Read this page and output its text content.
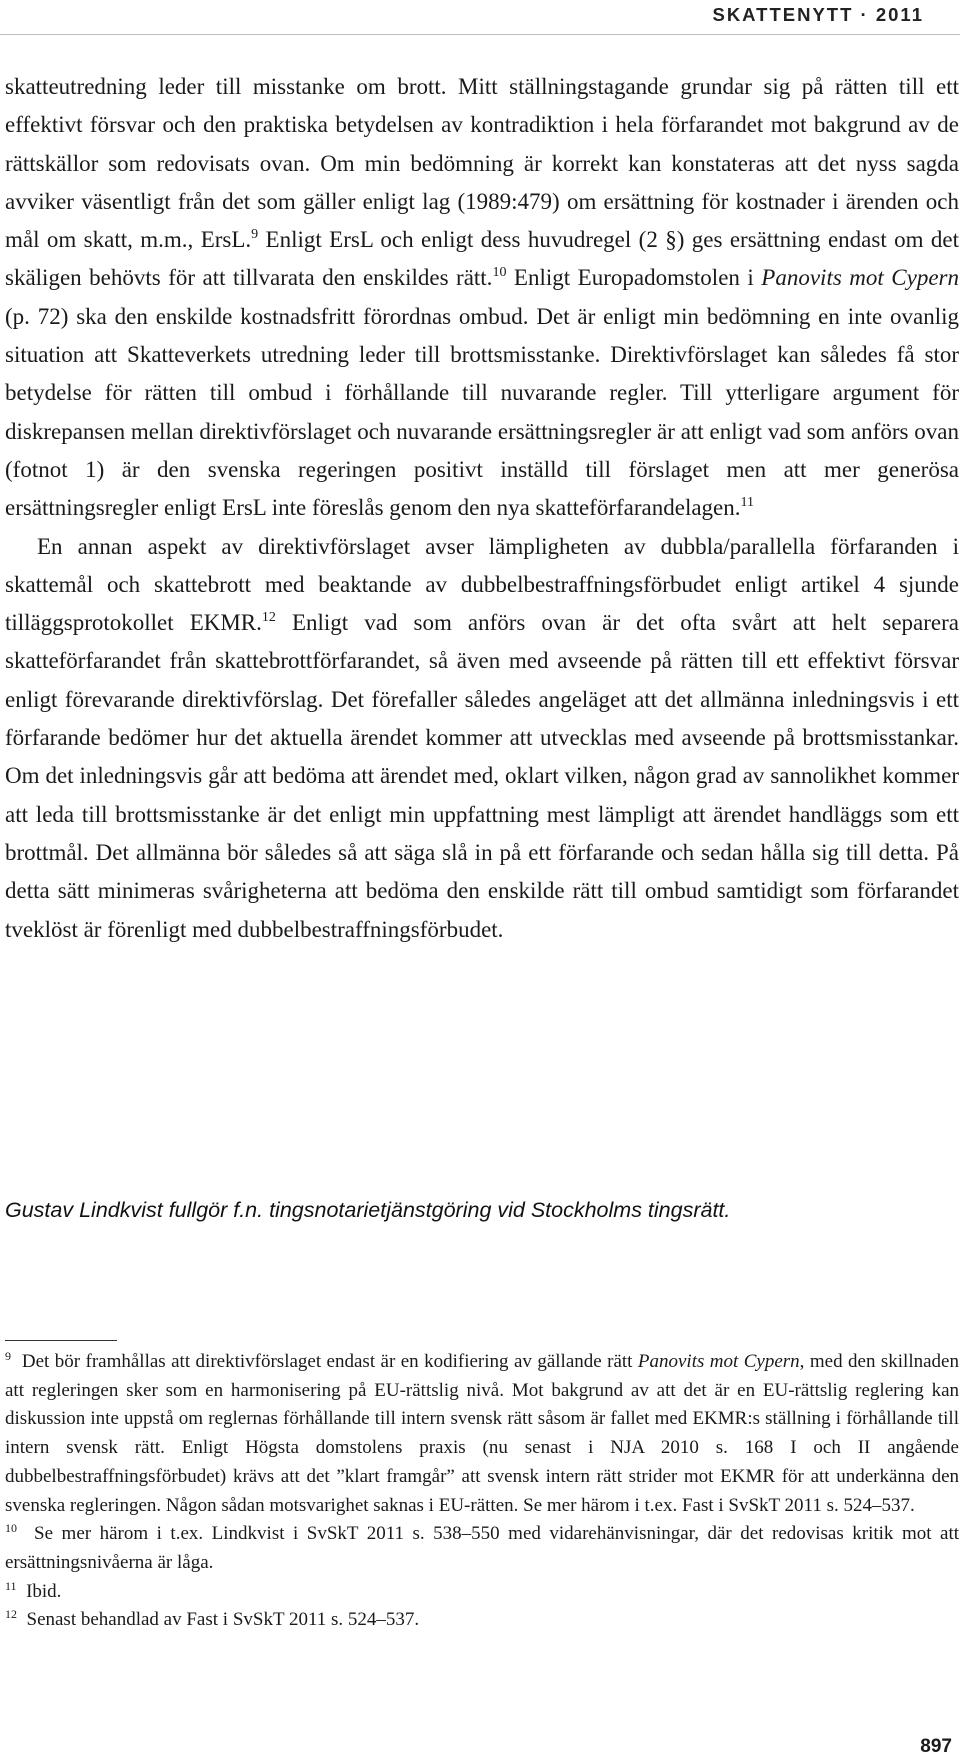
SKATTENYTT · 2011

skatteutredning leder till misstanke om brott. Mitt ställningstagande grundar sig på rätten till ett effektivt försvar och den praktiska betydelsen av kontradiktion i hela förfarandet mot bakgrund av de rättskällor som redovisats ovan. Om min bedömning är korrekt kan konstateras att det nyss sagda avviker väsentligt från det som gäller enligt lag (1989:479) om ersättning för kostnader i ärenden och mål om skatt, m.m., ErsL.$^9$ Enligt ErsL och enligt dess huvudregel (2 §) ges ersättning endast om det skäligen behövts för att tillvarata den enskildes rätt.$^{10}$ Enligt Europadomstolen i Panovits mot Cypern (p. 72) ska den enskilde kostnadsfritt förordnas ombud. Det är enligt min bedömning en inte ovanlig situation att Skatteverkets utredning leder till brottsmisstanke. Direktivförslaget kan således få stor betydelse för rätten till ombud i förhållande till nuvarande regler. Till ytterligare argument för diskrepansen mellan direktivförslaget och nuvarande ersättningsregler är att enligt vad som anförs ovan (fotnot 1) är den svenska regeringen positivt inställd till förslaget men att mer generösa ersättningsregler enligt ErsL inte föreslås genom den nya skatteförfarandelagen.$^{11}$

En annan aspekt av direktivförslaget avser lämpligheten av dubbla/parallella förfaranden i skattemål och skattebrott med beaktande av dubbelbestraffningsförbudet enligt artikel 4 sjunde tilläggsprotokollet EKMR.$^{12}$ Enligt vad som anförs ovan är det ofta svårt att helt separera skatteförfarandet från skattebrottförfarandet, så även med avseende på rätten till ett effektivt försvar enligt förevarande direktivförslag. Det förefaller således angeläget att det allmänna inledningsvis i ett förfarande bedömer hur det aktuella ärendet kommer att utvecklas med avseende på brottsmisstankar. Om det inledningsvis går att bedöma att ärendet med, oklart vilken, någon grad av sannolikhet kommer att leda till brottsmisstanke är det enligt min uppfattning mest lämpligt att ärendet handläggs som ett brottmål. Det allmänna bör således så att säga slå in på ett förfarande och sedan hålla sig till detta. På detta sätt minimeras svårigheterna att bedöma den enskilde rätt till ombud samtidigt som förfarandet tveklöst är förenligt med dubbelbestraffningsförbudet.

Gustav Lindkvist fullgör f.n. tingsnotarietjänstgöring vid Stockholms tingsrätt.

$^9$ Det bör framhållas att direktivförslaget endast är en kodifiering av gällande rätt Panovits mot Cypern, med den skillnaden att regleringen sker som en harmonisering på EU-rättslig nivå. Mot bakgrund av att det är en EU-rättslig reglering kan diskussion inte uppstå om reglernas förhållande till intern svensk rätt såsom är fallet med EKMR:s ställning i förhållande till intern svensk rätt. Enligt Högsta domstolens praxis (nu senast i NJA 2010 s. 168 I och II angående dubbelbestraffningsförbudet) krävs att det ”klart framgår” att svensk intern rätt strider mot EKMR för att underkänna den svenska regleringen. Någon sådan motsvarighet saknas i EU-rätten. Se mer härom i t.ex. Fast i SvSkT 2011 s. 524–537.

$^{10}$ Se mer härom i t.ex. Lindkvist i SvSkT 2011 s. 538–550 med vidarehänvisningar, där det redovisas kritik mot att ersättningsnivåerna är låga.

$^{11}$ Ibid.

$^{12}$ Senast behandlad av Fast i SvSkT 2011 s. 524–537.

897
